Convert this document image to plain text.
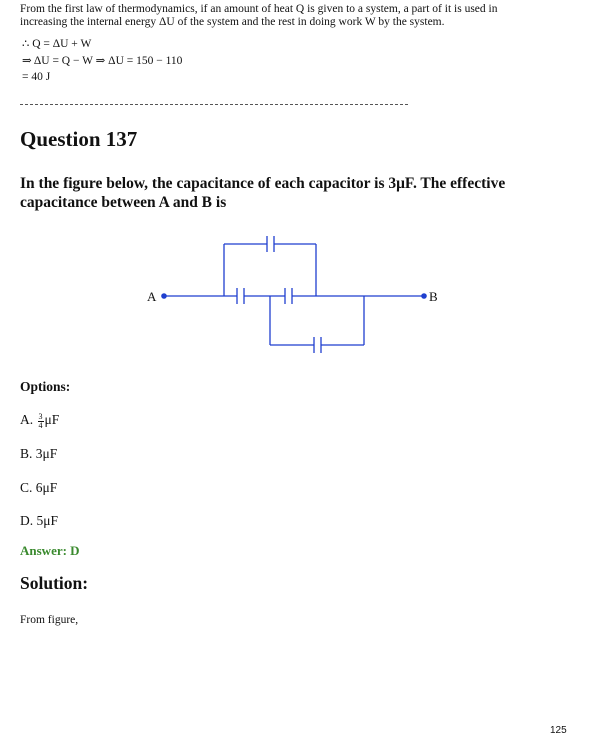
From the first law of thermodynamics, if an amount of heat Q is given to a system, a part of it is used in increasing the internal energy ΔU of the system and the rest in doing work W by the system.
∴ Q = ΔU + W
⇒ ΔU = Q − W ⇒ ΔU = 150 − 110
= 40 J
Question 137
In the figure below, the capacitance of each capacitor is 3μF. The effective capacitance between A and B is
A	B
Options:
A. $\frac{3}{4}$ μF
B. 3μF
C. 6μF
D. 5μF
Answer: D
Solution:
From figure,
125
